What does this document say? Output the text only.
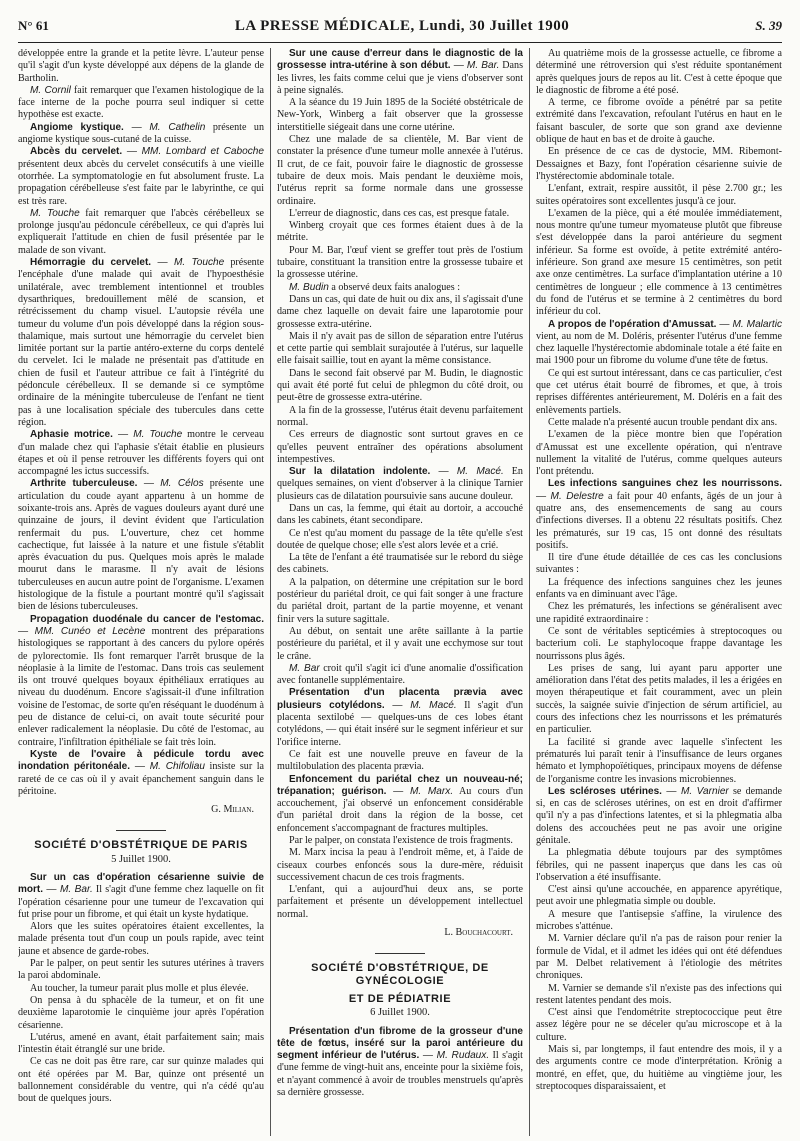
N° 61	LA PRESSE MÉDICALE, Lundi, 30 Juillet 1900	S. 39

développée entre la grande et la petite lèvre. L'auteur pense qu'il s'agit d'un kyste développé aux dépens de la glande de Bartholin.

M. Cornil fait remarquer que l'examen histologique de la face interne de la poche pourra seul indiquer si cette hypothèse est exacte.

Angiome kystique. — M. Cathelin présente un angiome kystique sous-cutané de la cuisse.

Abcès du cervelet. — MM. Lombard et Caboche présentent deux abcès du cervelet consécutifs à une vieille otorrhée. La symptomatologie en fut absolument fruste. La propagation cérébelleuse s'est faite par le labyrinthe, ce qui est très rare.

M. Touche fait remarquer que l'abcès cérébelleux se prolonge jusqu'au pédoncule cérébelleux, ce qui d'après lui expliquerait l'attitude en chien de fusil présentée par le malade de son vivant.

Hémorragie du cervelet. — M. Touche présente l'encéphale d'une malade qui avait de l'hypoesthésie unilatérale, avec tremblement intentionnel et troubles dysarthriques, bredouillement mêlé de scansion, et rétrécissement du champ visuel. L'autopsie révéla une tumeur du volume d'un pois développé dans la région sous-thalamique, mais surtout une hémorragie du cervelet bien limitée portant sur la partie antéro-externe du corps dentelé du cervelet. Ici le malade ne présentait pas d'attitude en chien de fusil et l'auteur attribue ce fait à l'intégrité du pédoncule cérébelleux. Il se demande si ce symptôme ordinaire de la méningite tuberculeuse de l'enfant ne tient pas à une localisation spéciale des tubercules dans cette région.

Aphasie motrice. — M. Touche montre le cerveau d'un malade chez qui l'aphasie s'était établie en plusieurs étapes et où il pense retrouver les différents foyers qui ont accompagné les ictus successifs.

Arthrite tuberculeuse. — M. Célos présente une articulation du coude ayant appartenu à un homme de soixante-trois ans. Après de vagues douleurs ayant duré une quinzaine de jours, il devint évident que l'articulation renfermait du pus. L'ouverture, chez cet homme cachectique, fut laissée à la nature et une fistule s'établit après évacuation du pus. Quelques mois après le malade mourut dans le marasme. Il n'y avait de lésions tuberculeuses en aucun autre point de l'organisme. L'examen histologique de la fistule a pourtant montré qu'il s'agissait bien de lésions tuberculeuses.

Propagation duodénale du cancer de l'estomac. — MM. Cunéo et Lecène montrent des préparations histologiques se rapportant à des cancers du pylore opérés de pylorectomie. Ils font remarquer l'arrêt brusque de la néoplasie à la limite de l'estomac. Dans trois cas seulement ils ont trouvé quelques boyaux épithéliaux erratiques au niveau du duodénum. Encore s'agissait-il d'une infiltration voisine de l'estomac, de sorte qu'en réséquant le duodénum à peu de distance de celui-ci, on avait toute sécurité pour enlever radicalement la néoplasie. Du côté de l'estomac, au contraire, l'infiltration épithéliale se fait très loin.

Kyste de l'ovaire à pédicule tordu avec inondation péritonéale. — M. Chifoliau insiste sur la rareté de ce cas où il y avait épanchement sanguin dans le péritoine.

G. Milian.
SOCIÉTÉ D'OBSTÉTRIQUE DE PARIS
5 Juillet 1900.

Sur un cas d'opération césarienne suivie de mort. — M. Bar. Il s'agit d'une femme chez laquelle on fit l'opération césarienne pour une tumeur de l'excavation qui fut prise pour un fibrome, et qui était un kyste hydatique.

Alors que les suites opératoires étaient excellentes, la malade présenta tout d'un coup un pouls rapide, avec teint jaune et absence de garde-robes.

Par le palper, on peut sentir les sutures utérines à travers la paroi abdominale.

Au toucher, la tumeur parait plus molle et plus élevée.

On pensa à du sphacèle de la tumeur, et on fit une deuxième laparotomie le cinquième jour après l'opération césarienne.

L'utérus, amené en avant, était parfaitement sain; mais l'intestin était étranglé sur une bride.

Ce cas ne doit pas être rare, car sur quinze malades qui ont été opérées par M. Bar, quinze ont présenté un ballonnement considérable du ventre, qui n'a cédé qu'au bout de quelques jours.

Sur une cause d'erreur dans le diagnostic de la grossesse intra-utérine à son début. — M. Bar. Dans les livres, les faits comme celui que je viens d'observer sont à peine signalés.

A la séance du 19 Juin 1895 de la Société obstétricale de New-York, Winberg a fait observer que la grossesse interstitielle siégeait dans une corne utérine.

Chez une malade de sa clientèle, M. Bar vient de constater la présence d'une tumeur molle annexée à l'utérus. Il crut, de ce fait, pouvoir faire le diagnostic de grossesse tubaire de deux mois. Mais pendant le deuxième mois, l'utérus reprit sa forme normale dans une grossesse ordinaire.

L'erreur de diagnostic, dans ces cas, est presque fatale.

Winberg croyait que ces formes étaient dues à de la métrite.

Pour M. Bar, l'œuf vient se greffer tout près de l'ostium tubaire, constituant la transition entre la grossesse tubaire et la grossesse utérine.

M. Budin a observé deux faits analogues :

Dans un cas, qui date de huit ou dix ans, il s'agissait d'une dame chez laquelle on devait faire une laparotomie pour grossesse extra-utérine.

Mais il n'y avait pas de sillon de séparation entre l'utérus et cette partie qui semblait surajoutée à l'utérus, sur laquelle elle faisait saillie, tout en ayant la même consistance.

Dans le second fait observé par M. Budin, le diagnostic qui avait été porté fut celui de phlegmon du côté droit, ou peut-être de grossesse extra-utérine.

A la fin de la grossesse, l'utérus était devenu parfaitement normal.

Ces erreurs de diagnostic sont surtout graves en ce qu'elles peuvent entraîner des opérations absolument intempestives.

Sur la dilatation indolente. — M. Macé. En quelques semaines, on vient d'observer à la clinique Tarnier plusieurs cas de dilatation poursuivie sans aucune douleur.

Dans un cas, la femme, qui était au dortoir, a accouché dans les cabinets, étant secondipare.

Ce n'est qu'au moment du passage de la tête qu'elle s'est doutée de quelque chose; elle s'est alors levée et a crié.

La tête de l'enfant a été traumatisée sur le rebord du siège des cabinets.

A la palpation, on détermine une crépitation sur le bord postérieur du pariétal droit, ce qui fait songer à une fracture du pariétal droit, partant de la partie moyenne, et venant finir vers la suture sagittale.

Au début, on sentait une arête saillante à la partie postérieure du pariétal, et il y avait une ecchymose sur tout le crâne.

M. Bar croit qu'il s'agit ici d'une anomalie d'ossification avec fontanelle supplémentaire.

Présentation d'un placenta prævia avec plusieurs cotylédons. — M. Macé. Il s'agit d'un placenta sextilobé — quelques-uns de ces lobes étant cotylédons, — qui était inséré sur le segment inférieur et sur l'orifice interne.

Ce fait est une nouvelle preuve en faveur de la multilobulation des placenta prævia.

Enfoncement du pariétal chez un nouveau-né; trépanation; guérison. — M. Marx. Au cours d'un accouchement, j'ai observé un enfoncement considérable d'un pariétal droit dans la région de la bosse, cet enfoncement s'accompagnant de fractures multiples.

Par le palper, on constata l'existence de trois fragments.

M. Marx incisa la peau à l'endroit même, et, à l'aide de ciseaux courbes enfoncés sous la dure-mère, réduisit successivement chacun de ces trois fragments.

L'enfant, qui a aujourd'hui deux ans, se porte parfaitement et présente un développement intellectuel normal.

L. Bouchacourt.
SOCIÉTÉ D'OBSTÉTRIQUE, DE GYNÉCOLOGIE
ET DE PÉDIATRIE
6 Juillet 1900.

Présentation d'un fibrome de la grosseur d'une tête de fœtus, inséré sur la paroi antérieure du segment inférieur de l'utérus. — M. Rudaux. Il s'agit d'une femme de vingt-huit ans, enceinte pour la sixième fois, et n'ayant commencé à avoir de troubles menstruels qu'après sa dernière grossesse.

Au quatrième mois de la grossesse actuelle, ce fibrome a déterminé une rétroversion qui s'est réduite spontanément après quelques jours de repos au lit. C'est à cette époque que le diagnostic de fibrome a été posé.

A terme, ce fibrome ovoïde a pénétré par sa petite extrémité dans l'excavation, refoulant l'utérus en haut en le faisant basculer, de sorte que son grand axe devienne oblique de haut en bas et de droite à gauche.

En présence de ce cas de dystocie, MM. Ribemont-Dessaignes et Bazy, font l'opération césarienne suivie de l'hystérectomie abdominale totale.

L'enfant, extrait, respire aussitôt, il pèse 2.700 gr.; les suites opératoires sont excellentes jusqu'à ce jour.

L'examen de la pièce, qui a été moulée immédiatement, nous montre qu'une tumeur myomateuse plutôt que fibreuse s'est développée dans la paroi antérieure du segment inférieur. Sa forme est ovoïde, à petite extrémité antéro-inférieure. Son grand axe mesure 15 centimètres, son petit axe onze centimètres. La surface d'implantation utérine a 10 centimètres de longueur ; elle commence à 13 centimètres du fond de l'utérus et se termine à 2 centimètres du bord inférieur du col.

A propos de l'opération d'Amussat. — M. Malartic vient, au nom de M. Doléris, présenter l'utérus d'une femme chez laquelle l'hystérectomie abdominale totale a été faite en mai 1900 pour un fibrome du volume d'une tête de fœtus.

Ce qui est surtout intéressant, dans ce cas particulier, c'est que cet utérus était bourré de fibromes, et que, à trois reprises différentes antérieurement, M. Doléris en a fait des enlèvements partiels.

Cette malade n'a présenté aucun trouble pendant dix ans.

L'examen de la pièce montre bien que l'opération d'Amussat est une excellente opération, qui n'entrave nullement la vitalité de l'utérus, comme quelques auteurs l'ont prétendu.

Les infections sanguines chez les nourrissons. — M. Delestre a fait pour 40 enfants, âgés de un jour à quatre ans, des ensemencements de sang au cours d'infections diverses. Il a obtenu 22 résultats positifs. Chez les prématurés, sur 19 cas, 15 ont donné des résultats positifs.

Il tire d'une étude détaillée de ces cas les conclusions suivantes :

La fréquence des infections sanguines chez les jeunes enfants va en diminuant avec l'âge.

Chez les prématurés, les infections se généralisent avec une rapidité extraordinaire :

Ce sont de véritables septicémies à streptocoques ou bacterium coli. Le staphylocoque frappe davantage les nourrissons plus âgés.

Les prises de sang, lui ayant paru apporter une amélioration dans l'état des petits malades, il les a érigées en moyen thérapeutique et fait couramment, avec un plein succès, la saignée suivie d'injection de sérum artificiel, au cours des infections chez les nourrissons et les prématurés en particulier.

La facilité si grande avec laquelle s'infectent les prématurés lui paraît tenir à l'insuffisance de leurs organes hémato et lymphopoïétiques, principaux moyens de défense de l'organisme contre les invasions microbiennes.

Les scléroses utérines. — M. Varnier se demande si, en cas de scléroses utérines, on est en droit d'affirmer qu'il n'y a pas d'infections latentes, et si la phlegmatia alba dolens des accouchées peut ne pas avoir une origine génitale.

La phlegmatia débute toujours par des symptômes fébriles, qui ne passent inaperçus que dans les cas où l'observation a été insuffisante.

C'est ainsi qu'une accouchée, en apparence apyrétique, peut avoir une phlegmatia simple ou double.

A mesure que l'antisepsie s'affine, la virulence des microbes s'atténue.

M. Varnier déclare qu'il n'a pas de raison pour renier la formule de Vidal, et il admet les idées qui ont été défendues par M. Delbet relativement à l'étiologie des métrites chroniques.

M. Varnier se demande s'il n'existe pas des infections qui restent latentes pendant des mois.

C'est ainsi que l'endométrite streptococcique peut être assez légère pour ne se déceler qu'au microscope et à la culture.

Mais si, par longtemps, il faut entendre des mois, il y a des arguments contre ce mode d'interprétation. Krönig a montré, en effet, que, du huitième au vingtième jour, les streptocoques disparaissaient, et
